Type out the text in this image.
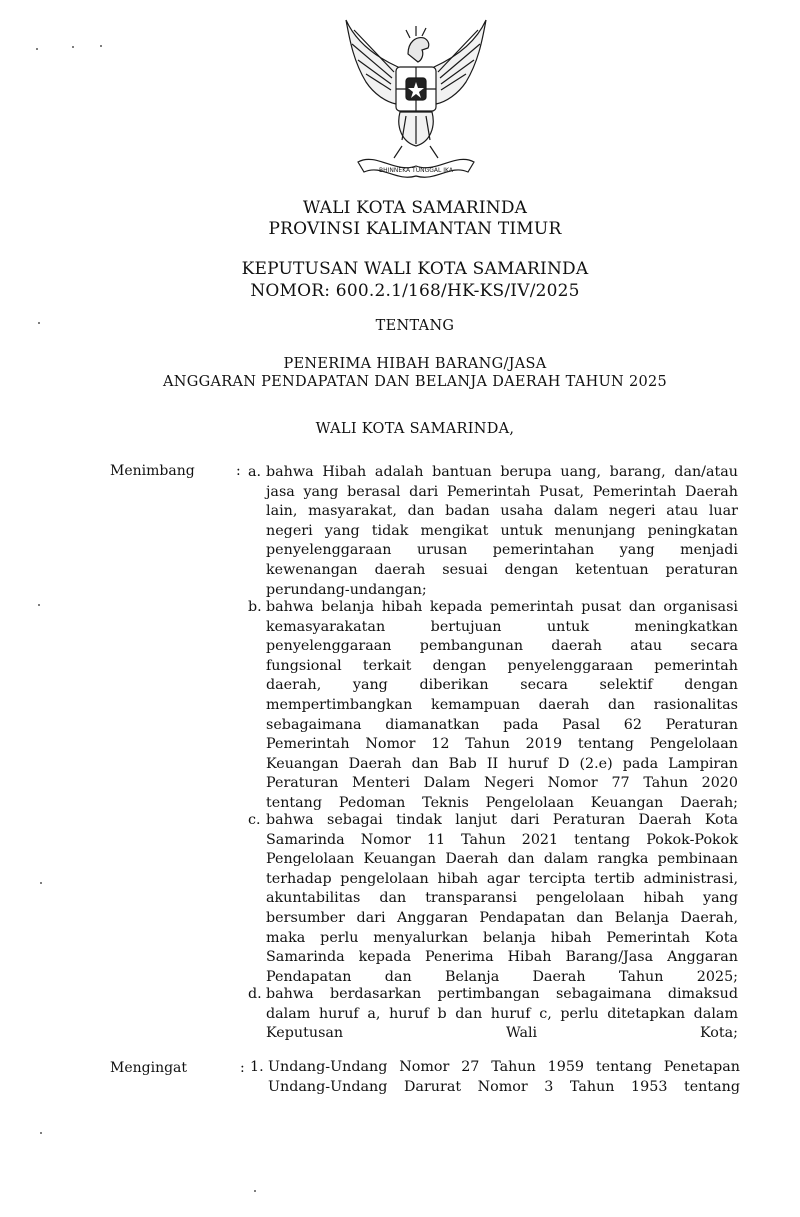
BHINNEKA TUNGGAL IKA
WALI KOTA SAMARINDA
PROVINSI KALIMANTAN TIMUR
KEPUTUSAN WALI KOTA SAMARINDA
NOMOR: 600.2.1/168/HK-KS/IV/2025
TENTANG
PENERIMA HIBAH BARANG/JASA
ANGGARAN PENDAPATAN DAN BELANJA DAERAH TAHUN 2025
WALI KOTA SAMARINDA,
Menimbang	: a. bahwa Hibah adalah bantuan berupa uang, barang, dan/atau
jasa yang berasal dari Pemerintah Pusat, Pemerintah Daerah
lain, masyarakat, dan badan usaha dalam negeri atau luar
negeri yang tidak mengikat untuk menunjang peningkatan
penyelenggaraan urusan pemerintahan yang menjadi
kewenangan daerah sesuai dengan ketentuan peraturan
perundang-undangan;
b. bahwa belanja hibah kepada pemerintah pusat dan organisasi
kemasyarakatan bertujuan untuk meningkatkan
penyelenggaraan pembangunan daerah atau secara
fungsional terkait dengan penyelenggaraan pemerintah
daerah, yang diberikan secara selektif dengan
mempertimbangkan kemampuan daerah dan rasionalitas
sebagaimana diamanatkan pada Pasal 62 Peraturan
Pemerintah Nomor 12 Tahun 2019 tentang Pengelolaan
Keuangan Daerah dan Bab II huruf D (2.e) pada Lampiran
Peraturan Menteri Dalam Negeri Nomor 77 Tahun 2020
tentang Pedoman Teknis Pengelolaan Keuangan Daerah;
c. bahwa sebagai tindak lanjut dari Peraturan Daerah Kota
Samarinda Nomor 11 Tahun 2021 tentang Pokok-Pokok
Pengelolaan Keuangan Daerah dan dalam rangka pembinaan
terhadap pengelolaan hibah agar tercipta tertib administrasi,
akuntabilitas dan transparansi pengelolaan hibah yang
bersumber dari Anggaran Pendapatan dan Belanja Daerah,
maka perlu menyalurkan belanja hibah Pemerintah Kota
Samarinda kepada Penerima Hibah Barang/Jasa Anggaran
Pendapatan dan Belanja Daerah Tahun 2025;
d. bahwa berdasarkan pertimbangan sebagaimana dimaksud
dalam huruf a, huruf b dan huruf c, perlu ditetapkan dalam
Keputusan Wali Kota;
Mengingat	: 1. Undang-Undang Nomor 27 Tahun 1959 tentang Penetapan
Undang-Undang Darurat Nomor 3 Tahun 1953 tentang
